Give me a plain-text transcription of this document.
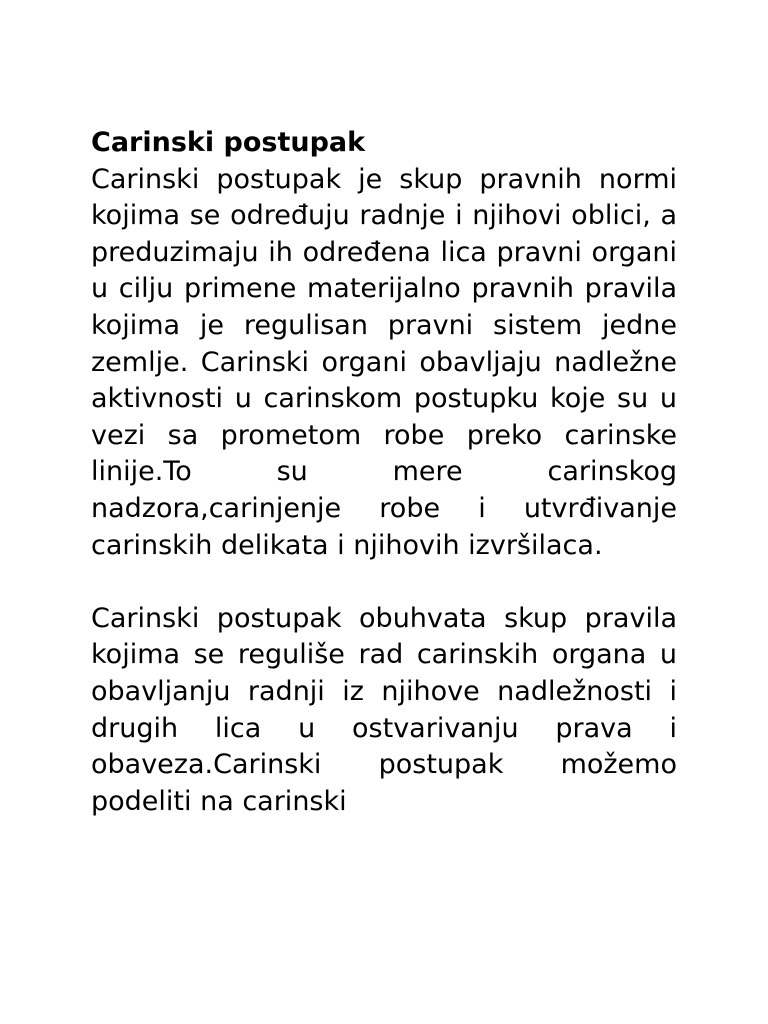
Carinski postupak

Carinski postupak je skup pravnih normi kojima se određuju radnje i njihovi oblici, a preduzimaju ih određena lica pravni organi u cilju primene materijalno pravnih pravila kojima je regulisan pravni sistem jedne zemlje. Carinski organi obavljaju nadležne aktivnosti u carinskom postupku koje su u vezi sa prometom robe preko carinske linije.To su mere carinskog nadzora,carinjenje robe i utvrđivanje carinskih delikata i njihovih izvršilaca.

Carinski postupak obuhvata skup pravila kojima se reguliše rad carinskih organa u obavljanju radnji iz njihove nadležnosti i drugih lica u ostvarivanju prava i obaveza.Carinski postupak možemo podeliti na carinski
